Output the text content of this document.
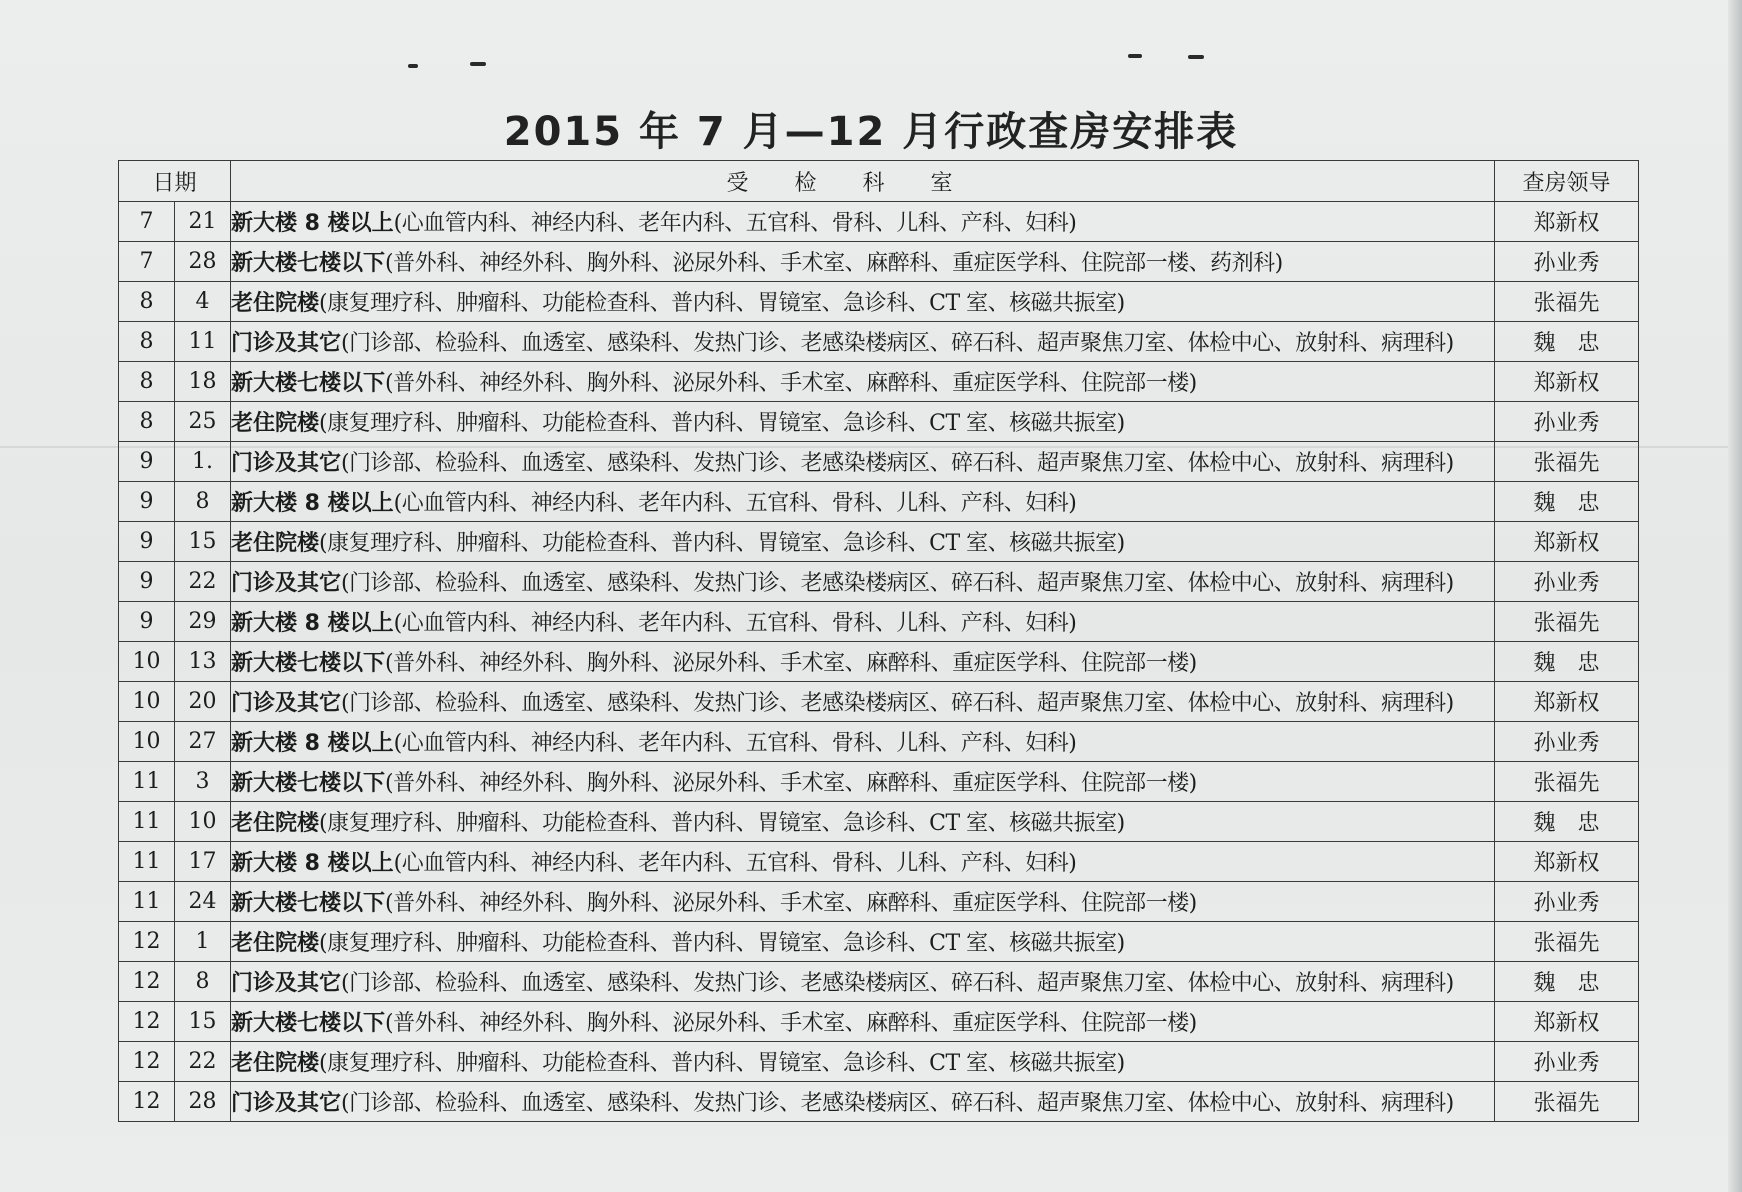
2015 年 7 月—12 月行政查房安排表
日期		受检科室	查房领导
7	21	新大楼 8 楼以上(心血管内科、神经内科、老年内科、五官科、骨科、儿科、产科、妇科)	郑新权
7	28	新大楼七楼以下(普外科、神经外科、胸外科、泌尿外科、手术室、麻醉科、重症医学科、住院部一楼、药剂科)	孙业秀
8	4	老住院楼(康复理疗科、肿瘤科、功能检查科、普内科、胃镜室、急诊科、CT 室、核磁共振室)	张福先
8	11	门诊及其它(门诊部、检验科、血透室、感染科、发热门诊、老感染楼病区、碎石科、超声聚焦刀室、体检中心、放射科、病理科)	魏　忠
8	18	新大楼七楼以下(普外科、神经外科、胸外科、泌尿外科、手术室、麻醉科、重症医学科、住院部一楼)	郑新权
8	25	老住院楼(康复理疗科、肿瘤科、功能检查科、普内科、胃镜室、急诊科、CT 室、核磁共振室)	孙业秀
9	1.	门诊及其它(门诊部、检验科、血透室、感染科、发热门诊、老感染楼病区、碎石科、超声聚焦刀室、体检中心、放射科、病理科)	张福先
9	8	新大楼 8 楼以上(心血管内科、神经内科、老年内科、五官科、骨科、儿科、产科、妇科)	魏　忠
9	15	老住院楼(康复理疗科、肿瘤科、功能检查科、普内科、胃镜室、急诊科、CT 室、核磁共振室)	郑新权
9	22	门诊及其它(门诊部、检验科、血透室、感染科、发热门诊、老感染楼病区、碎石科、超声聚焦刀室、体检中心、放射科、病理科)	孙业秀
9	29	新大楼 8 楼以上(心血管内科、神经内科、老年内科、五官科、骨科、儿科、产科、妇科)	张福先
10	13	新大楼七楼以下(普外科、神经外科、胸外科、泌尿外科、手术室、麻醉科、重症医学科、住院部一楼)	魏　忠
10	20	门诊及其它(门诊部、检验科、血透室、感染科、发热门诊、老感染楼病区、碎石科、超声聚焦刀室、体检中心、放射科、病理科)	郑新权
10	27	新大楼 8 楼以上(心血管内科、神经内科、老年内科、五官科、骨科、儿科、产科、妇科)	孙业秀
11	3	新大楼七楼以下(普外科、神经外科、胸外科、泌尿外科、手术室、麻醉科、重症医学科、住院部一楼)	张福先
11	10	老住院楼(康复理疗科、肿瘤科、功能检查科、普内科、胃镜室、急诊科、CT 室、核磁共振室)	魏　忠
11	17	新大楼 8 楼以上(心血管内科、神经内科、老年内科、五官科、骨科、儿科、产科、妇科)	郑新权
11	24	新大楼七楼以下(普外科、神经外科、胸外科、泌尿外科、手术室、麻醉科、重症医学科、住院部一楼)	孙业秀
12	1	老住院楼(康复理疗科、肿瘤科、功能检查科、普内科、胃镜室、急诊科、CT 室、核磁共振室)	张福先
12	8	门诊及其它(门诊部、检验科、血透室、感染科、发热门诊、老感染楼病区、碎石科、超声聚焦刀室、体检中心、放射科、病理科)	魏　忠
12	15	新大楼七楼以下(普外科、神经外科、胸外科、泌尿外科、手术室、麻醉科、重症医学科、住院部一楼)	郑新权
12	22	老住院楼(康复理疗科、肿瘤科、功能检查科、普内科、胃镜室、急诊科、CT 室、核磁共振室)	孙业秀
12	28	门诊及其它(门诊部、检验科、血透室、感染科、发热门诊、老感染楼病区、碎石科、超声聚焦刀室、体检中心、放射科、病理科)	张福先
